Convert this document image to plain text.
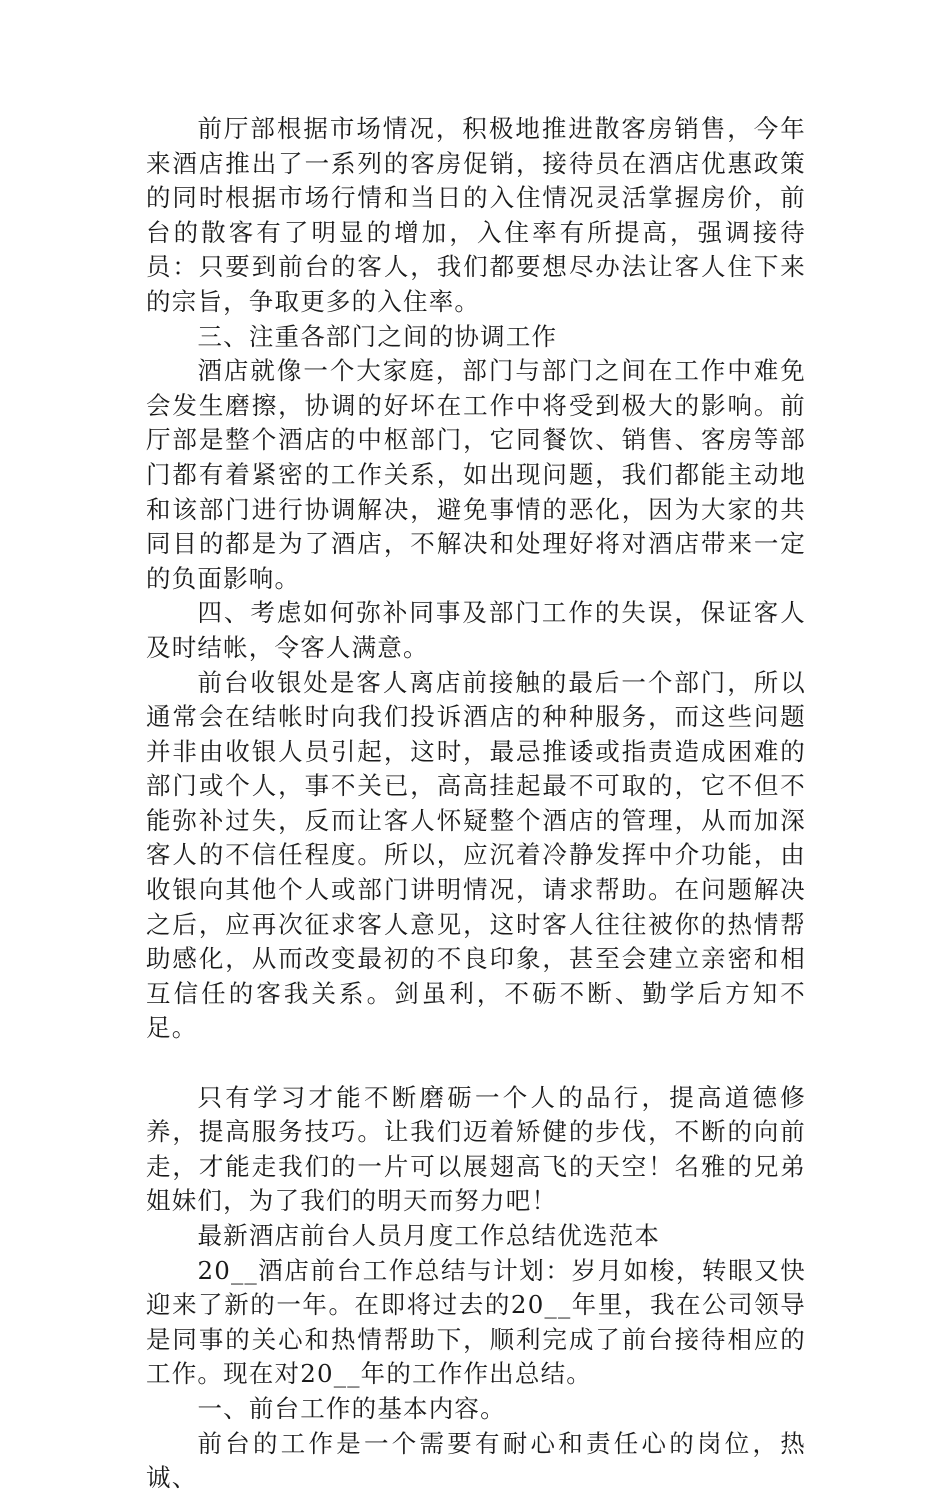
前厅部根据市场情况，积极地推进散客房销售，今年来酒店推出了一系列的客房促销，接待员在酒店优惠政策的同时根据市场行情和当日的入住情况灵活掌握房价，前台的散客有了明显的增加，入住率有所提高，强调接待员：只要到前台的客人，我们都要想尽办法让客人住下来的宗旨，争取更多的入住率。

三、注重各部门之间的协调工作

酒店就像一个大家庭，部门与部门之间在工作中难免会发生磨擦，协调的好坏在工作中将受到极大的影响。前厅部是整个酒店的中枢部门，它同餐饮、销售、客房等部门都有着紧密的工作关系，如出现问题，我们都能主动地和该部门进行协调解决，避免事情的恶化，因为大家的共同目的都是为了酒店，不解决和处理好将对酒店带来一定的负面影响。

四、考虑如何弥补同事及部门工作的失误，保证客人及时结帐，令客人满意。

前台收银处是客人离店前接触的最后一个部门，所以通常会在结帐时向我们投诉酒店的种种服务，而这些问题并非由收银人员引起，这时，最忌推诿或指责造成困难的部门或个人，事不关已，高高挂起最不可取的，它不但不能弥补过失，反而让客人怀疑整个酒店的管理，从而加深客人的不信任程度。所以，应沉着冷静发挥中介功能，由收银向其他个人或部门讲明情况，请求帮助。在问题解决之后，应再次征求客人意见，这时客人往往被你的热情帮助感化，从而改变最初的不良印象，甚至会建立亲密和相互信任的客我关系。剑虽利，不砺不断、勤学后方知不足。

只有学习才能不断磨砺一个人的品行，提高道德修养，提高服务技巧。让我们迈着矫健的步伐，不断的向前走，才能走我们的一片可以展翅高飞的天空！名雅的兄弟姐妹们，为了我们的明天而努力吧！

最新酒店前台人员月度工作总结优选范本

20__酒店前台工作总结与计划：岁月如梭，转眼又快迎来了新的一年。在即将过去的20__年里，我在公司领导是同事的关心和热情帮助下，顺利完成了前台接待相应的工作。现在对20__年的工作作出总结。

一、前台工作的基本内容。

前台的工作是一个需要有耐心和责任心的岗位，热诚、
